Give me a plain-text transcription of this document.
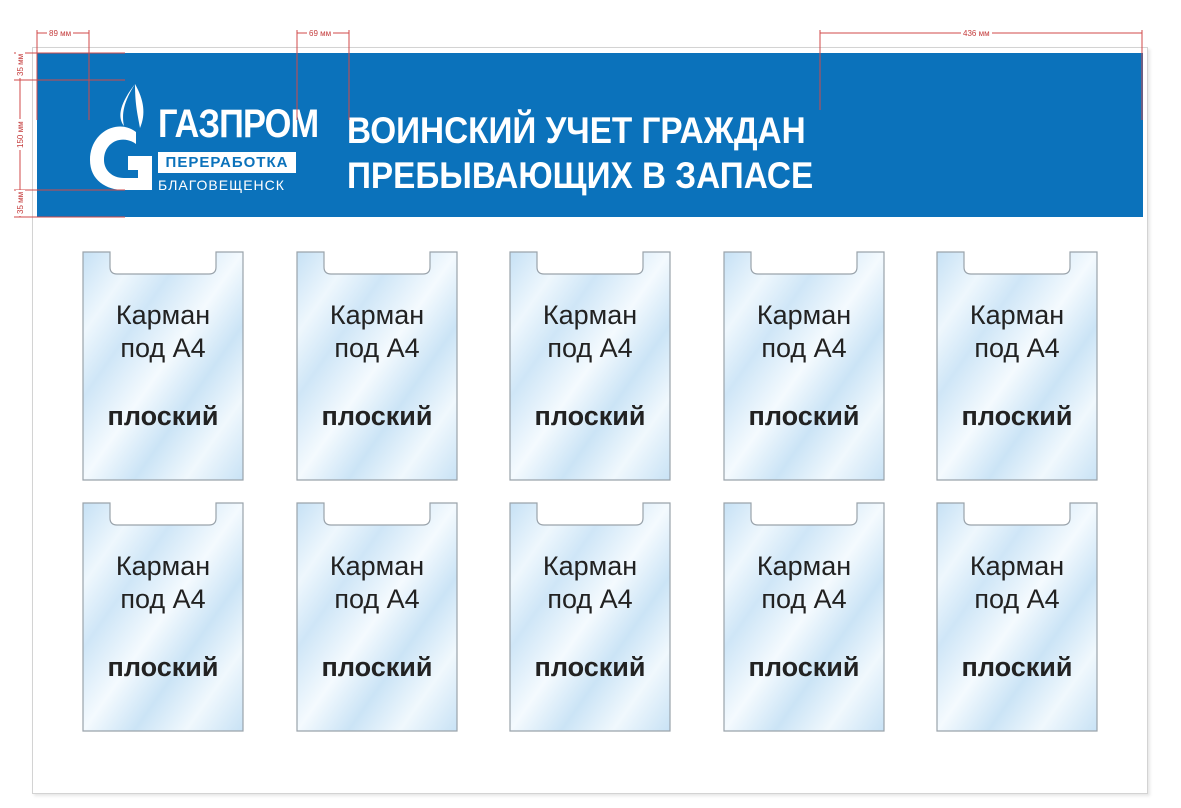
ГАЗПРОМ
ПЕРЕРАБОТКА
БЛАГОВЕЩЕНСК
ВОИНСКИЙ УЧЕТ ГРАЖДАН
ПРЕБЫВАЮЩИХ В ЗАПАСЕ
89 мм	69 мм	436 мм
35 мм
150 мм
35 мм
Карман
под А4
плоский
Карман
под А4
плоский
Карман
под А4
плоский
Карман
под А4
плоский
Карман
под А4
плоский
Карман
под А4
плоский
Карман
под А4
плоский
Карман
под А4
плоский
Карман
под А4
плоский
Карман
под А4
плоский
